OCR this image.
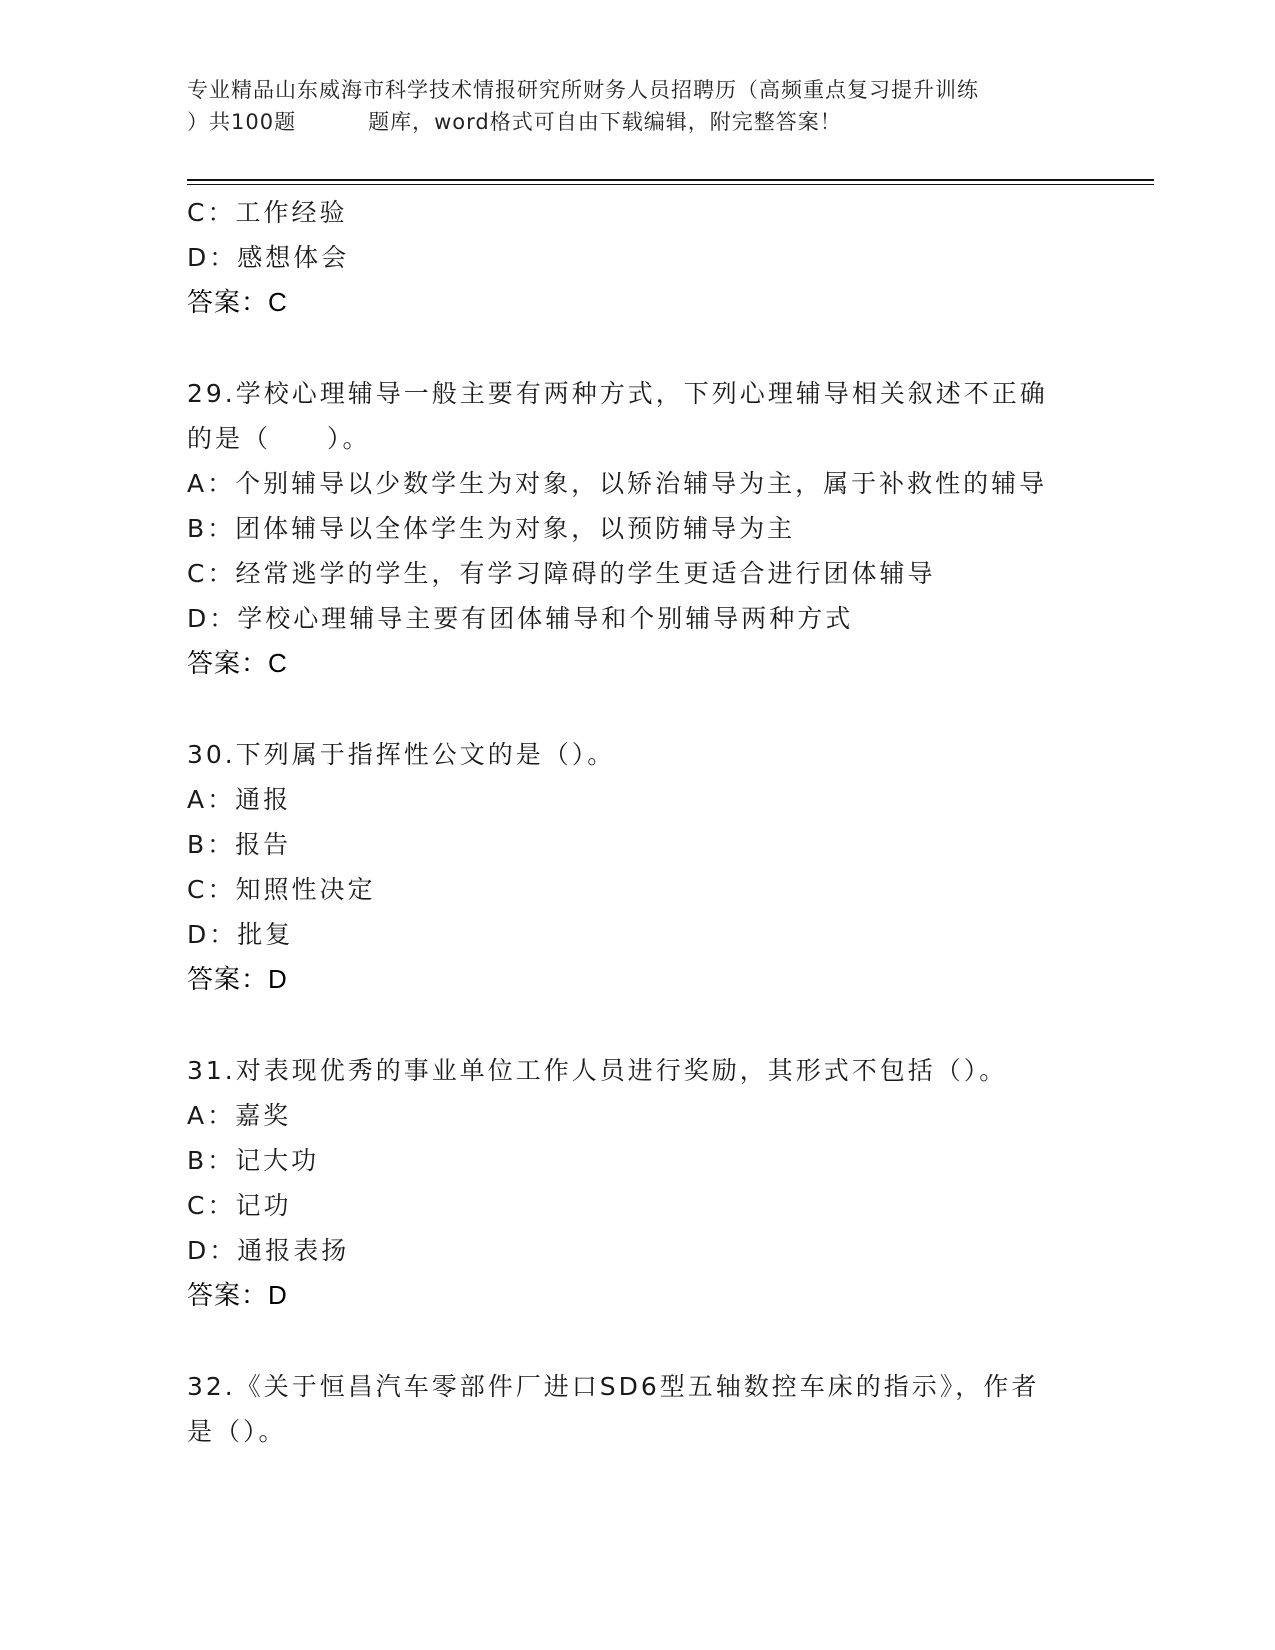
专业精品山东威海市科学技术情报研究所财务人员招聘历（高频重点复习提升训练
）共100题	题库，word格式可自由下载编辑，附完整答案！
C：工作经验
D：感想体会
答案：C
29.学校心理辅导一般主要有两种方式，下列心理辅导相关叙述不正确
的是（　　）。
A：个别辅导以少数学生为对象，以矫治辅导为主，属于补救性的辅导
B：团体辅导以全体学生为对象，以预防辅导为主
C：经常逃学的学生，有学习障碍的学生更适合进行团体辅导
D：学校心理辅导主要有团体辅导和个别辅导两种方式
答案：C
30.下列属于指挥性公文的是（）。
A：通报
B：报告
C：知照性决定
D：批复
答案：D
31.对表现优秀的事业单位工作人员进行奖励，其形式不包括（）。
A：嘉奖
B：记大功
C：记功
D：通报表扬
答案：D
32.《关于恒昌汽车零部件厂进口SD6型五轴数控车床的指示》，作者
是（）。
